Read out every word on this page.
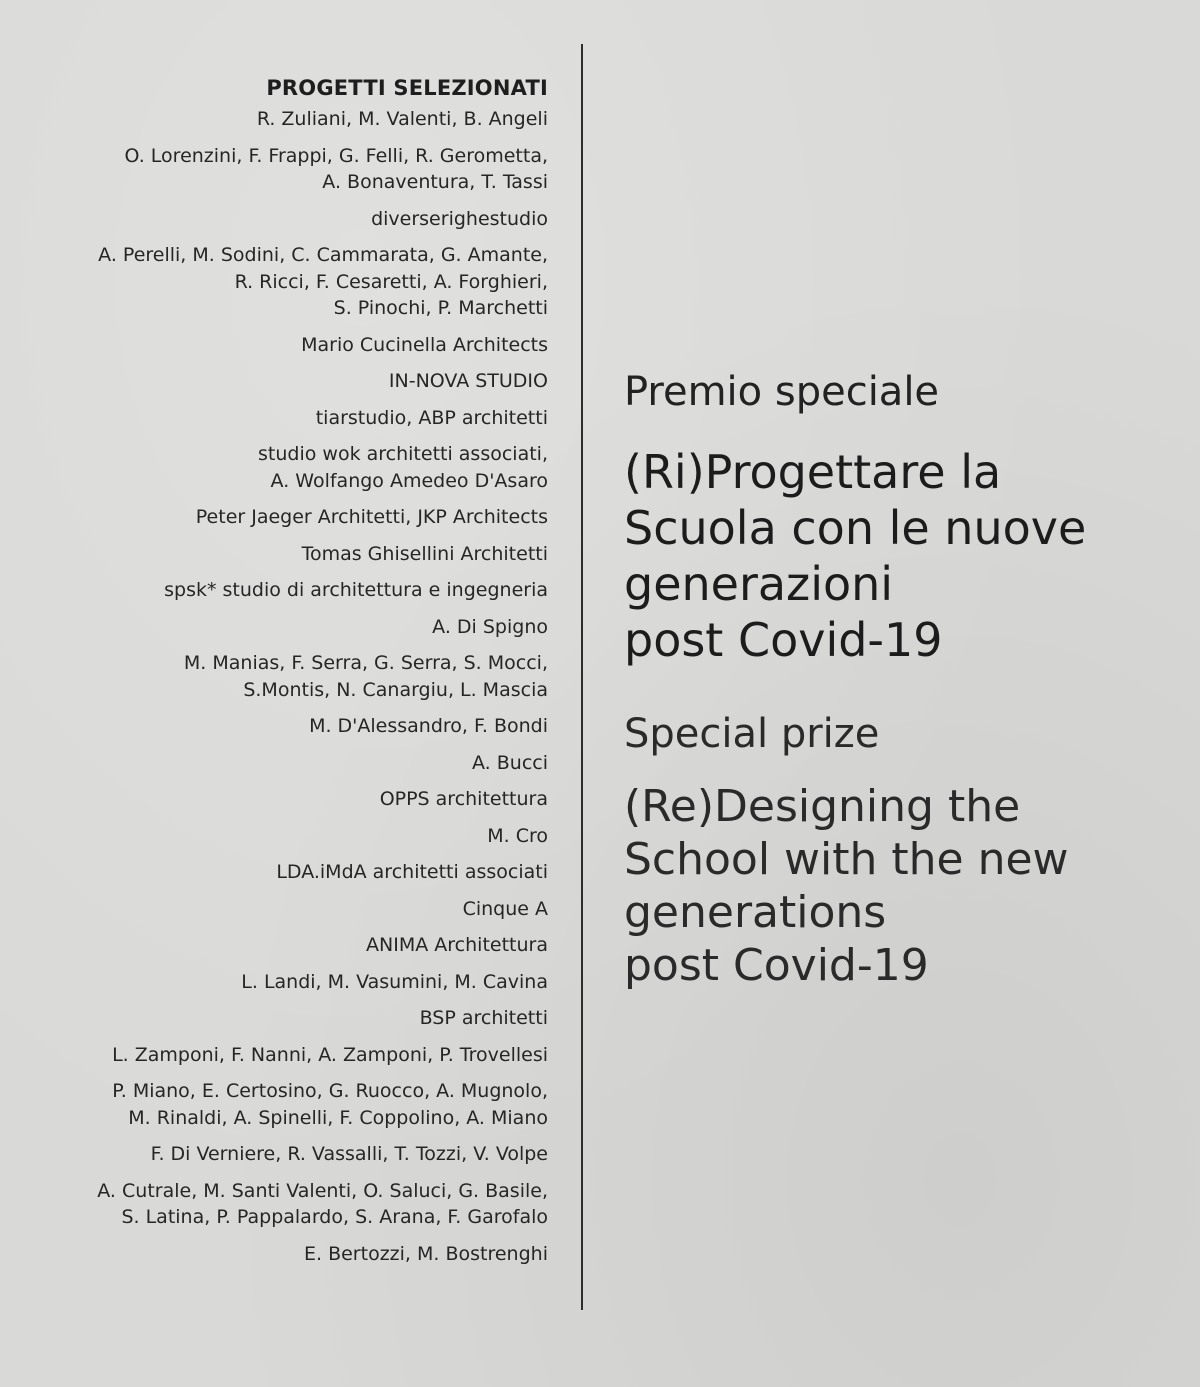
PROGETTI SELEZIONATI
R. Zuliani, M. Valenti, B. Angeli
O. Lorenzini, F. Frappi, G. Felli, R. Gerometta,
A. Bonaventura, T. Tassi
diverserighestudio
A. Perelli, M. Sodini, C. Cammarata, G. Amante,
R. Ricci, F. Cesaretti, A. Forghieri,
S. Pinochi, P. Marchetti
Mario Cucinella Architects
IN-NOVA STUDIO
tiarstudio, ABP architetti
studio wok architetti associati,
A. Wolfango Amedeo D'Asaro
Peter Jaeger Architetti, JKP Architects
Tomas Ghisellini Architetti
spsk* studio di architettura e ingegneria
A. Di Spigno
M. Manias, F. Serra, G. Serra, S. Mocci,
S.Montis, N. Canargiu, L. Mascia
M. D'Alessandro, F. Bondi
A. Bucci
OPPS architettura
M. Cro
LDA.iMdA architetti associati
Cinque A
ANIMA Architettura
L. Landi, M. Vasumini, M. Cavina
BSP architetti
L. Zamponi, F. Nanni, A. Zamponi, P. Trovellesi
P. Miano, E. Certosino, G. Ruocco, A. Mugnolo,
M. Rinaldi, A. Spinelli, F. Coppolino, A. Miano
F. Di Verniere, R. Vassalli, T. Tozzi, V. Volpe
A. Cutrale, M. Santi Valenti, O. Saluci, G. Basile,
S. Latina, P. Pappalardo, S. Arana, F. Garofalo
E. Bertozzi, M. Bostrenghi
Premio speciale
(Ri)Progettare la
Scuola con le nuove
generazioni
post Covid-19
Special prize
(Re)Designing the
School with the new
generations
post Covid-19
